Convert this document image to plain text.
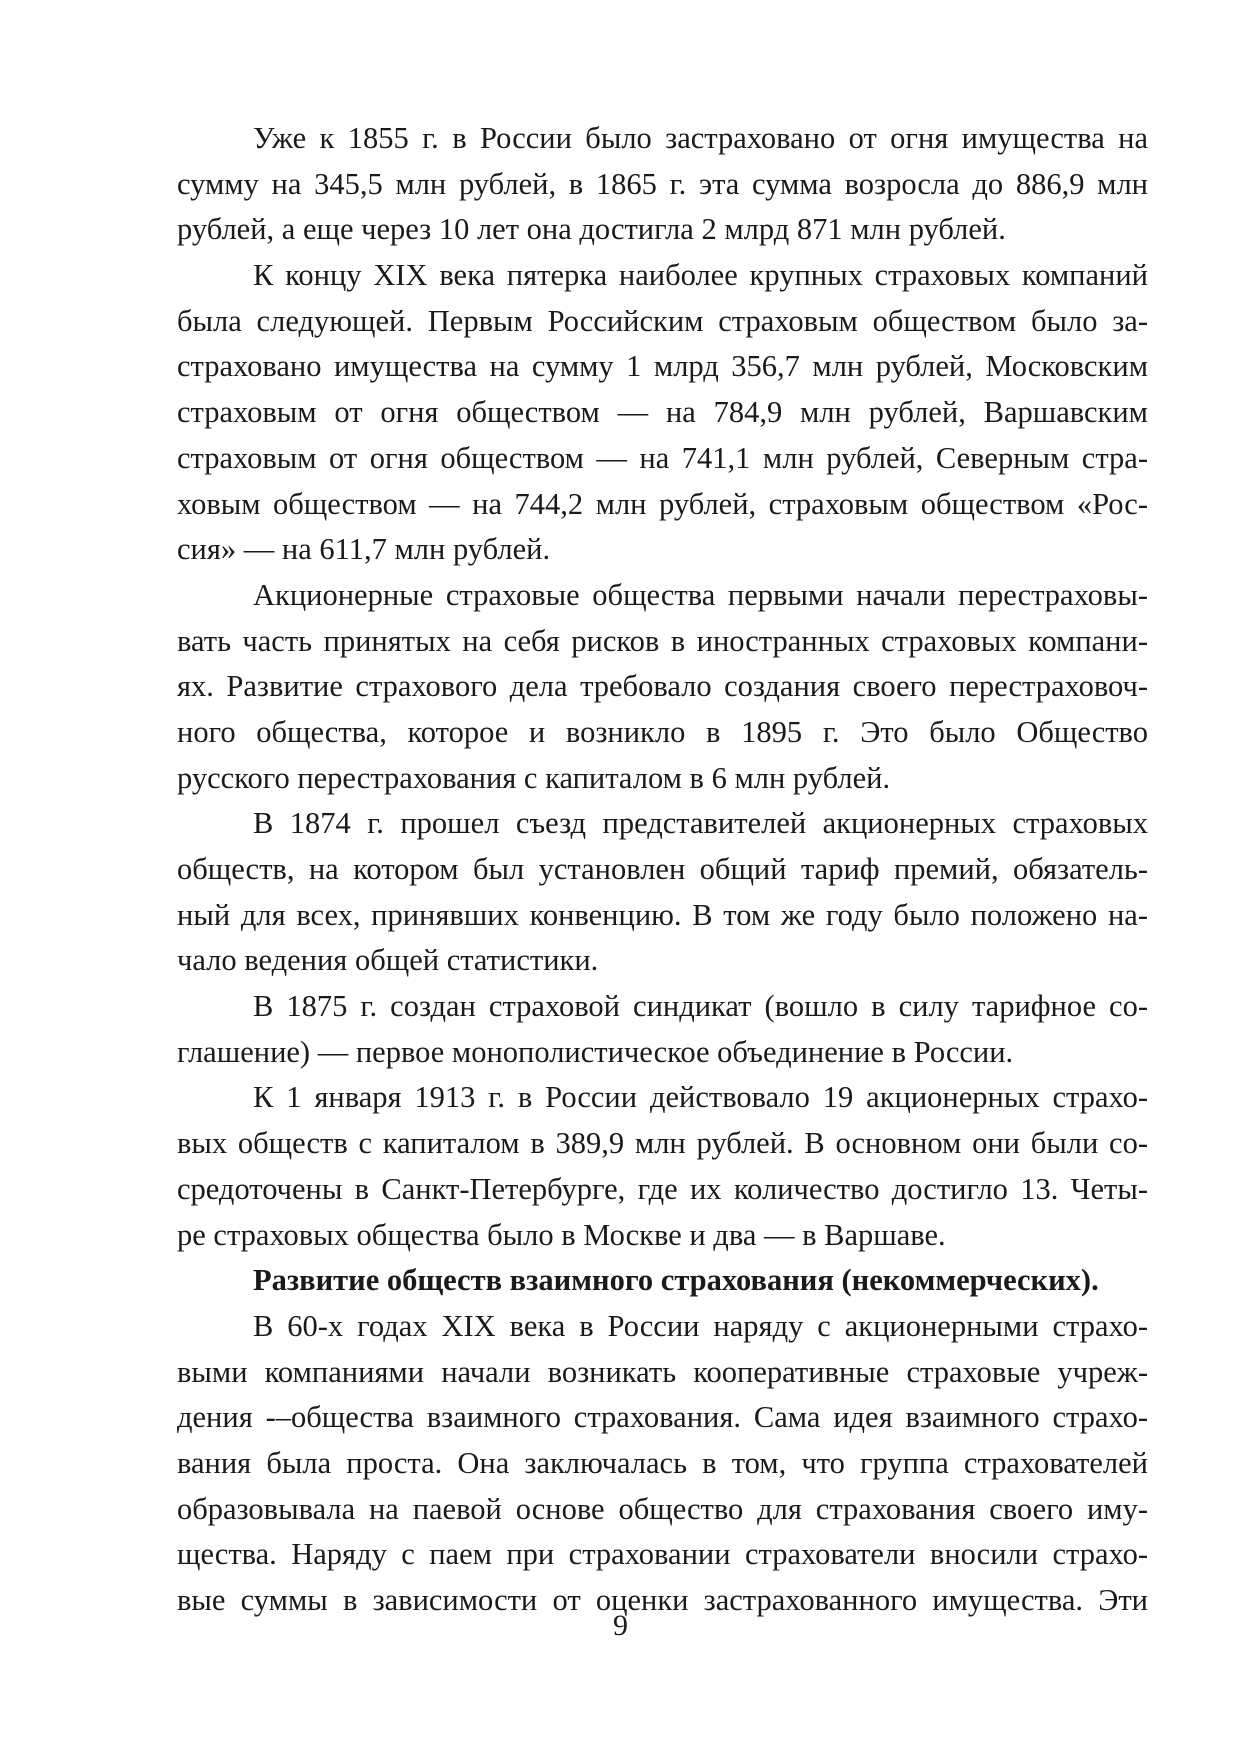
Уже к 1855 г. в России было застраховано от огня имущества на
сумму на 345,5 млн рублей, в 1865 г. эта сумма возросла до 886,9 млн
рублей, а еще через 10 лет она достигла 2 млрд 871 млн рублей.
К концу XIX века пятерка наиболее крупных страховых компаний
была следующей. Первым Российским страховым обществом было за-
страховано имущества на сумму 1 млрд 356,7 млн рублей, Московским
страховым от огня обществом — на 784,9 млн рублей, Варшавским
страховым от огня обществом — на 741,1 млн рублей, Северным стра-
ховым обществом — на 744,2 млн рублей, страховым обществом «Рос-
сия» — на 611,7 млн рублей.
Акционерные страховые общества первыми начали перестраховы-
вать часть принятых на себя рисков в иностранных страховых компани-
ях. Развитие страхового дела требовало создания своего перестраховоч-
ного общества, которое и возникло в 1895 г. Это было Общество
русского перестрахования с капиталом в 6 млн рублей.
В 1874 г. прошел съезд представителей акционерных страховых
обществ, на котором был установлен общий тариф премий, обязатель-
ный для всех, принявших конвенцию. В том же году было положено на-
чало ведения общей статистики.
В 1875 г. создан страховой синдикат (вошло в силу тарифное со-
глашение) — первое монополистическое объединение в России.
К 1 января 1913 г. в России действовало 19 акционерных страхо-
вых обществ с капиталом в 389,9 млн рублей. В основном они были со-
средоточены в Санкт-Петербурге, где их количество достигло 13. Четы-
ре страховых общества было в Москве и два — в Варшаве.
Развитие обществ взаимного страхования (некоммерческих).
В 60-х годах XIX века в России наряду с акционерными страхо-
выми компаниями начали возникать кооперативные страховые учреж-
дения -–общества взаимного страхования. Сама идея взаимного страхо-
вания была проста. Она заключалась в том, что группа страхователей
образовывала на паевой основе общество для страхования своего иму-
щества. Наряду с паем при страховании страхователи вносили страхо-
вые суммы в зависимости от оценки застрахованного имущества. Эти
9
